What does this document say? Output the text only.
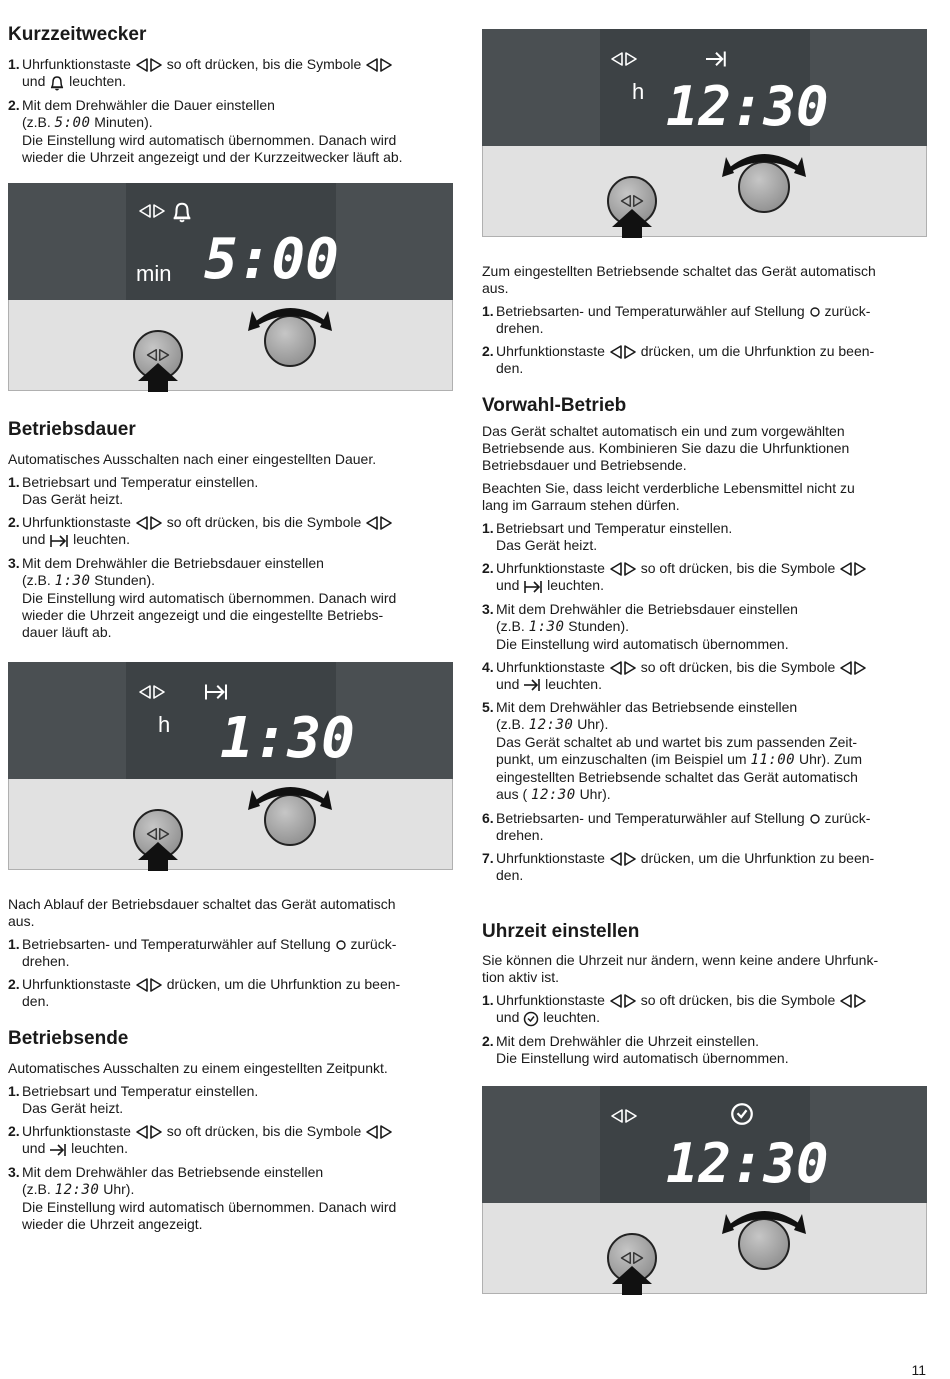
Kurzzeitwecker
1. Uhrfunktionstaste	so oft drücken, bis die Symbole
und leuchten.
2. Mit dem Drehwähler die Dauer einstellen
(z.B. 5:00 Minuten).
Die Einstellung wird automatisch übernommen. Danach wird
wieder die Uhrzeit angezeigt und der Kurzzeitwecker läuft ab.
min 5:00
Betriebsdauer

Automatisches Ausschalten nach einer eingestellten Dauer.

1. Betriebsart und Temperatur einstellen.
Das Gerät heizt.
2. Uhrfunktionstaste	so oft drücken, bis die Symbole
und leuchten.
3. Mit dem Drehwähler die Betriebsdauer einstellen
(z.B. 1:30 Stunden).
Die Einstellung wird automatisch übernommen. Danach wird
wieder die Uhrzeit angezeigt und die eingestellte Betriebs-
dauer läuft ab.
h 1:30

Nach Ablauf der Betriebsdauer schaltet das Gerät automatisch
aus.

1. Betriebsarten- und Temperaturwähler auf Stellung zurück-
drehen.
2. Uhrfunktionstaste	drücken, um die Uhrfunktion zu been-
den.
Betriebsende

Automatisches Ausschalten zu einem eingestellten Zeitpunkt.

1. Betriebsart und Temperatur einstellen.
Das Gerät heizt.
2. Uhrfunktionstaste	so oft drücken, bis die Symbole
und leuchten.
3. Mit dem Drehwähler das Betriebsende einstellen
(z.B. 12:30 Uhr).
Die Einstellung wird automatisch übernommen. Danach wird
wieder die Uhrzeit angezeigt.
h 12:30

Zum eingestellten Betriebsende schaltet das Gerät automatisch
aus.

1. Betriebsarten- und Temperaturwähler auf Stellung zurück-
drehen.
2. Uhrfunktionstaste	drücken, um die Uhrfunktion zu been-
den.
Vorwahl-Betrieb

Das Gerät schaltet automatisch ein und zum vorgewählten
Betriebsende aus. Kombinieren Sie dazu die Uhrfunktionen
Betriebsdauer und Betriebsende.

Beachten Sie, dass leicht verderbliche Lebensmittel nicht zu
lang im Garraum stehen dürfen.

1. Betriebsart und Temperatur einstellen.
Das Gerät heizt.
2. Uhrfunktionstaste	so oft drücken, bis die Symbole
und leuchten.
3. Mit dem Drehwähler die Betriebsdauer einstellen
(z.B. 1:30 Stunden).
Die Einstellung wird automatisch übernommen.
4. Uhrfunktionstaste	so oft drücken, bis die Symbole
und leuchten.
5. Mit dem Drehwähler das Betriebsende einstellen
(z.B. 12:30 Uhr).
Das Gerät schaltet ab und wartet bis zum passenden Zeit-
punkt, um einzuschalten (im Beispiel um 11:00 Uhr). Zum
eingestellten Betriebsende schaltet das Gerät automatisch
aus ( 12:30 Uhr).
6. Betriebsarten- und Temperaturwähler auf Stellung zurück-
drehen.
7. Uhrfunktionstaste	drücken, um die Uhrfunktion zu been-
den.
Uhrzeit einstellen

Sie können die Uhrzeit nur ändern, wenn keine andere Uhrfunk-
tion aktiv ist.

1. Uhrfunktionstaste	so oft drücken, bis die Symbole
und leuchten.
2. Mit dem Drehwähler die Uhrzeit einstellen.
Die Einstellung wird automatisch übernommen.
12:30
11
